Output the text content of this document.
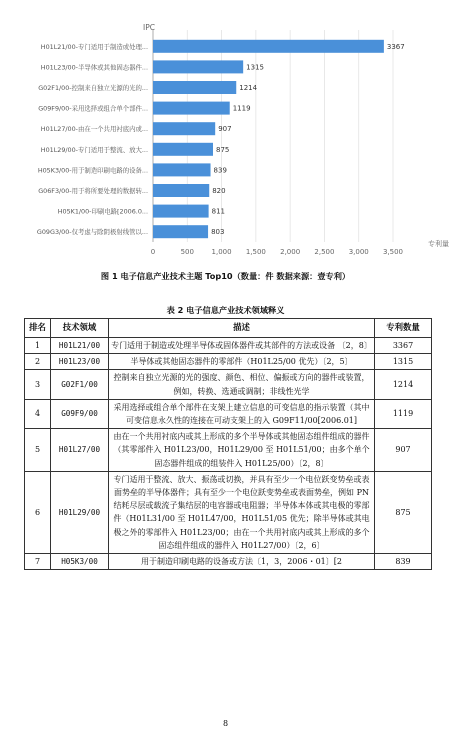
IPC
H01L21/00-专门适用于制造或处理...
H01L23/00-半导体或其他固态器件...
G02F1/00-控制来自独立光源的光的...
G09F9/00-采用选择或组合单个部件...
H01L27/00-由在一个共用衬底内或...
H01L29/00-专门适用于整流、放大...
H05K3/00-用于制造印刷电路的设备...
G06F3/00-用于将所要处理的数据转...
H05K1/00-印刷电路[2006.0...
G09G3/00-仅考虑与除阴极射线管以...
3367
1315
1214
1119
907
875
839
820
811
803
0	500	1,000 1,500 2,000 2,500 3,000 3,500
专利量
图 1 电子信息产业技术主题 Top10（数量：件 数据来源：壹专利）
表 2 电子信息产业技术领域释义
排名	技术领域	描述	专利数量
1	H01L21/00	专门适用于制造或处理半导体或固体器件或其部件的方法或设备 〔2，8〕	3367
2	H01L23/00	半导体或其他固态器件的零部件（H01L25/00 优先）〔2，5〕	1315
3	G02F1/00	控制来自独立光源的光的强度、颜色、相位、偏振或方向的器件或装置，例如，转换、选通或调制；非线性光学	1214
4	G09F9/00	采用选择或组合单个部件在支架上建立信息的可变信息的指示装置（其中可变信息永久性的连接在可动支架上的入 G09F11/00[2006.01]	1119
5	H01L27/00	由在一个共用衬底内或其上形成的多个半导体或其他固态组件组成的器件（其零部件入 H01L23/00，H01L29/00 至 H01L51/00；由多个单个固态器件组成的组装件入 H01L25/00）〔2，8〕	907
6	H01L29/00	专门适用于整流、放大、振荡或切换，并具有至少一个电位跃变势垒或表面势垒的半导体器件；具有至少一个电位跃变势垒或表面势垒，例如 PN 结耗尽层或载流子集结层的电容器或电阻器；半导体本体或其电极的零部件（H01L31/00 至 H01L47/00，H01L51/05 优先；除半导体或其电极之外的零部件入 H01L23/00；由在一个共用衬底内或其上形成的多个固态组件组成的器件入 H01L27/00）〔2，6〕	875
7	H05K3/00	用于制造印刷电路的设备或方法〔1，3，2006・01〕[2	839
8
